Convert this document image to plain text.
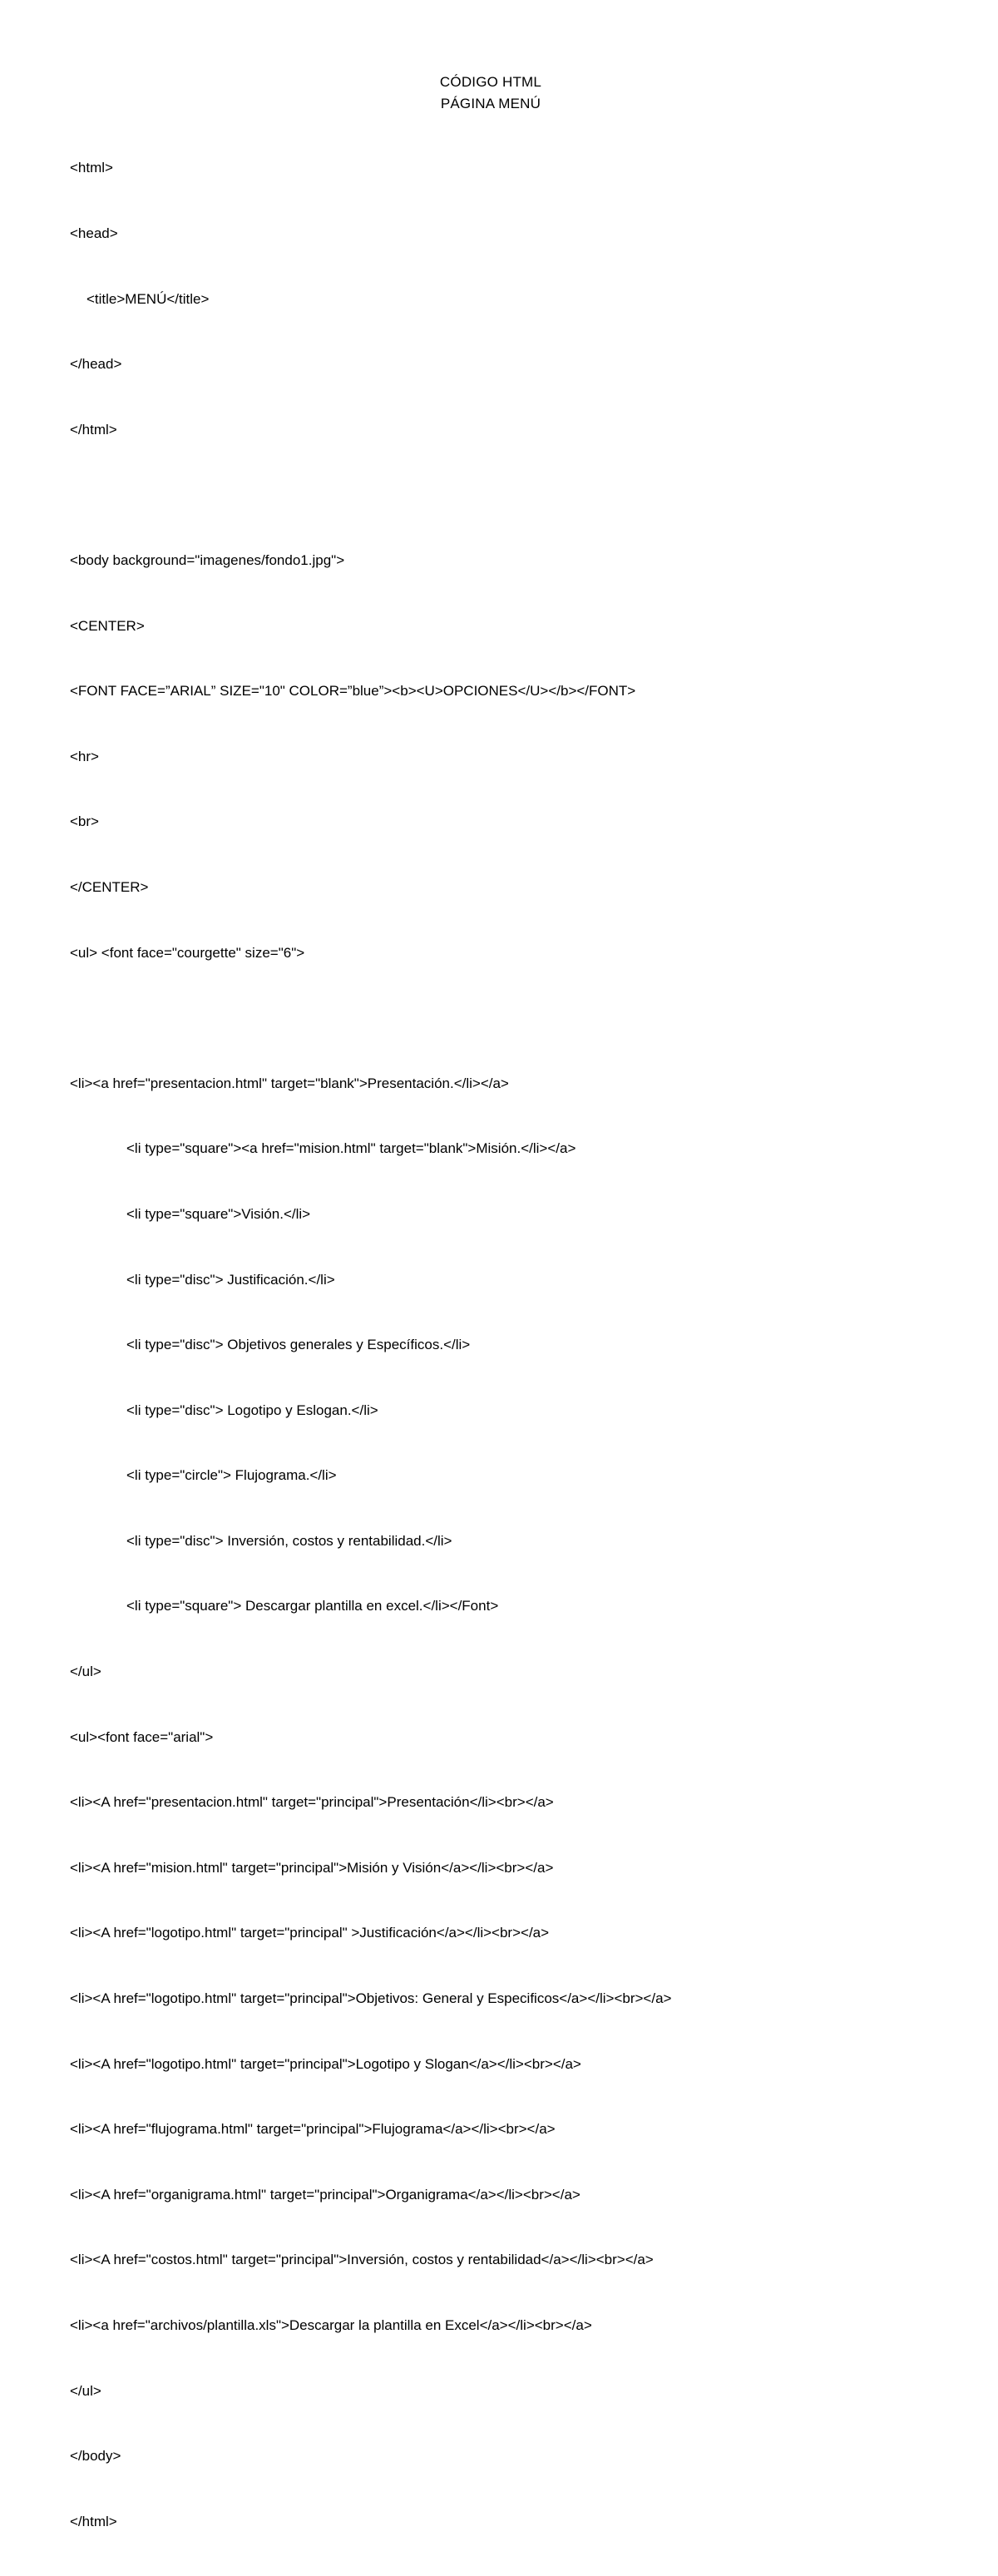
CÓDIGO HTML
PÁGINA MENÚ

<html>

<head>

<title>MENÚ</title>

</head>

</html>

<body background="imagenes/fondo1.jpg">

<CENTER>

<FONT FACE=”ARIAL” SIZE="10" COLOR=”blue”><b><U>OPCIONES</U></b></FONT>

<hr>

<br>

</CENTER>

<ul> <font face="courgette" size="6">

<li><a href="presentacion.html" target="blank">Presentación.</li></a>

<li type="square"><a href="mision.html" target="blank">Misión.</li></a>

<li type="square">Visión.</li>

<li type="disc"> Justificación.</li>

<li type="disc"> Objetivos generales y Específicos.</li>

<li type="disc"> Logotipo y Eslogan.</li>

<li type="circle"> Flujograma.</li>

<li type="disc"> Inversión, costos y rentabilidad.</li>

<li type="square"> Descargar plantilla en excel.</li></Font>

</ul>

<ul><font face="arial">

<li><A href="presentacion.html" target="principal">Presentación</li><br></a>

<li><A href="mision.html" target="principal">Misión y Visión</a></li><br></a>

<li><A href="logotipo.html" target="principal" >Justificación</a></li><br></a>

<li><A href="logotipo.html" target="principal">Objetivos: General y Especificos</a></li><br></a>

<li><A href="logotipo.html" target="principal">Logotipo y Slogan</a></li><br></a>

<li><A href="flujograma.html" target="principal">Flujograma</a></li><br></a>

<li><A href="organigrama.html" target="principal">Organigrama</a></li><br></a>

<li><A href="costos.html" target="principal">Inversión, costos y rentabilidad</a></li><br></a>

<li><a href="archivos/plantilla.xls">Descargar la plantilla en Excel</a></li><br></a>

</ul>

</body>

</html>
